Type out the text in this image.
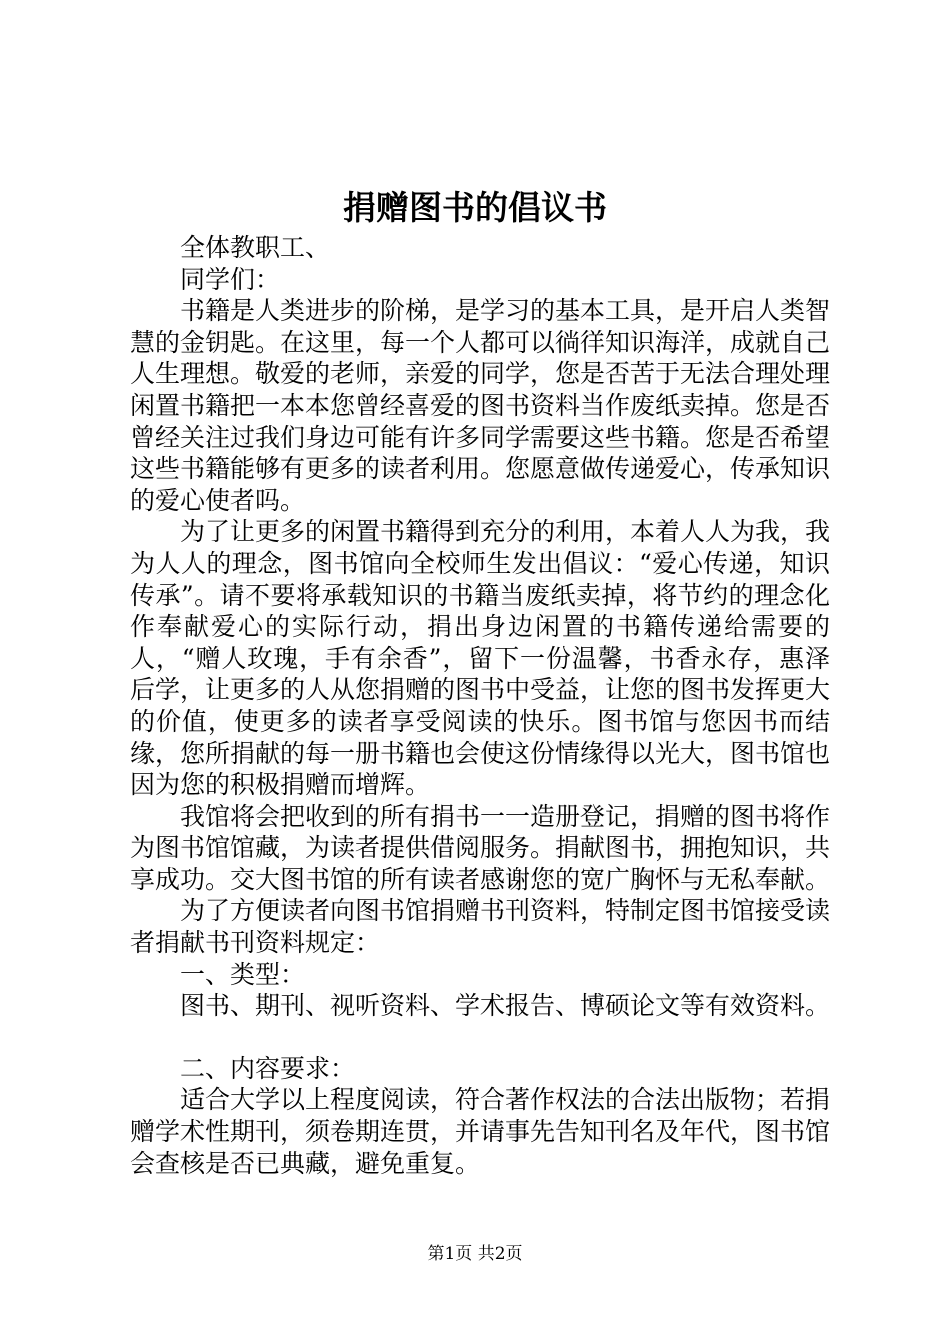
捐赠图书的倡议书

全体教职工、

同学们：

书籍是人类进步的阶梯，是学习的基本工具，是开启人类智慧的金钥匙。在这里，每一个人都可以徜徉知识海洋，成就自己人生理想。敬爱的老师，亲爱的同学，您是否苦于无法合理处理闲置书籍把一本本您曾经喜爱的图书资料当作废纸卖掉。您是否曾经关注过我们身边可能有许多同学需要这些书籍。您是否希望这些书籍能够有更多的读者利用。您愿意做传递爱心，传承知识的爱心使者吗。

为了让更多的闲置书籍得到充分的利用，本着人人为我，我为人人的理念，图书馆向全校师生发出倡议：“爱心传递，知识传承”。请不要将承载知识的书籍当废纸卖掉，将节约的理念化作奉献爱心的实际行动，捐出身边闲置的书籍传递给需要的人，“赠人玫瑰，手有余香”，留下一份温馨，书香永存，惠泽后学，让更多的人从您捐赠的图书中受益，让您的图书发挥更大的价值，使更多的读者享受阅读的快乐。图书馆与您因书而结缘，您所捐献的每一册书籍也会使这份情缘得以光大，图书馆也因为您的积极捐赠而增辉。

我馆将会把收到的所有捐书一一造册登记，捐赠的图书将作为图书馆馆藏，为读者提供借阅服务。捐献图书，拥抱知识，共享成功。交大图书馆的所有读者感谢您的宽广胸怀与无私奉献。

为了方便读者向图书馆捐赠书刊资料，特制定图书馆接受读者捐献书刊资料规定：

一、类型：

图书、期刊、视听资料、学术报告、博硕论文等有效资料。

二、内容要求：

适合大学以上程度阅读，符合著作权法的合法出版物；若捐赠学术性期刊，须卷期连贯，并请事先告知刊名及年代，图书馆会查核是否已典藏，避免重复。

第1页 共2页
